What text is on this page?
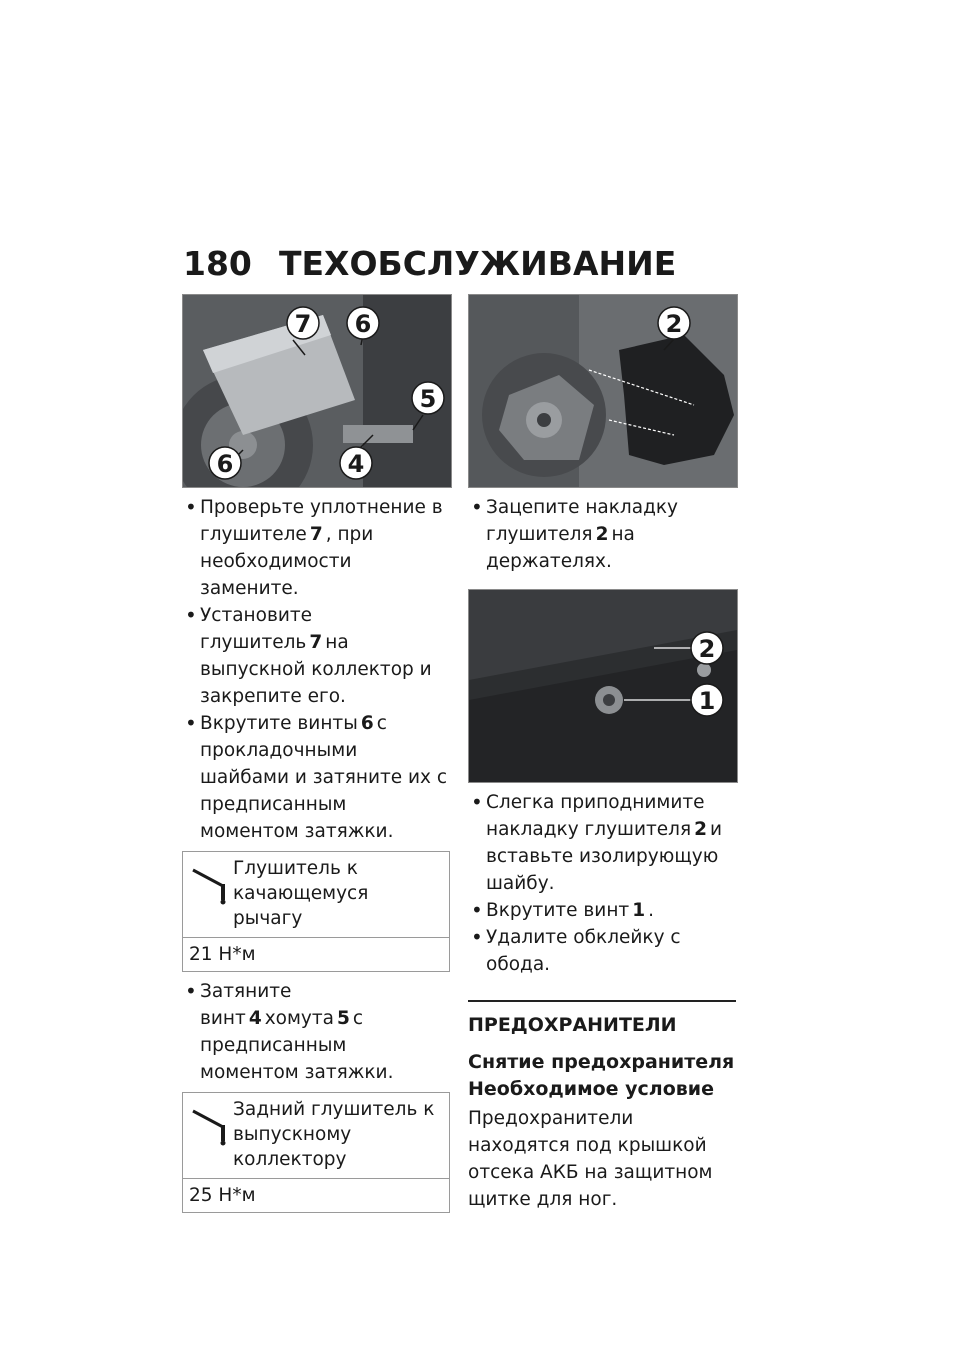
180 ТЕХОБСЛУЖИВАНИЕ
7 6
5
6	4
• Проверьте уплотнение в глушителе 7 , при необходимости замените.
• Установите глушитель 7 на выпускной коллектор и закрепите его.
• Вкрутите винты 6 с прокладочными шайбами и затяните их с предписанным моментом затяжки.
Глушитель к качающемуся рычагу
21 Н*м
• Затяните винт 4 хомута 5 с предписанным моментом затяжки.
Задний глушитель к выпускному коллектору
25 Н*м
2
• Зацепите накладку глушителя 2 на держателях.
2
1
• Слегка приподнимите накладку глушителя 2 и вставьте изолирующую шайбу.
• Вкрутите винт 1 .
• Удалите обклейку с обода.
ПРЕДОХРАНИТЕЛИ
Снятие предохранителя
Необходимое условие
Предохранители находятся под крышкой отсека АКБ на защитном щитке для ног.
